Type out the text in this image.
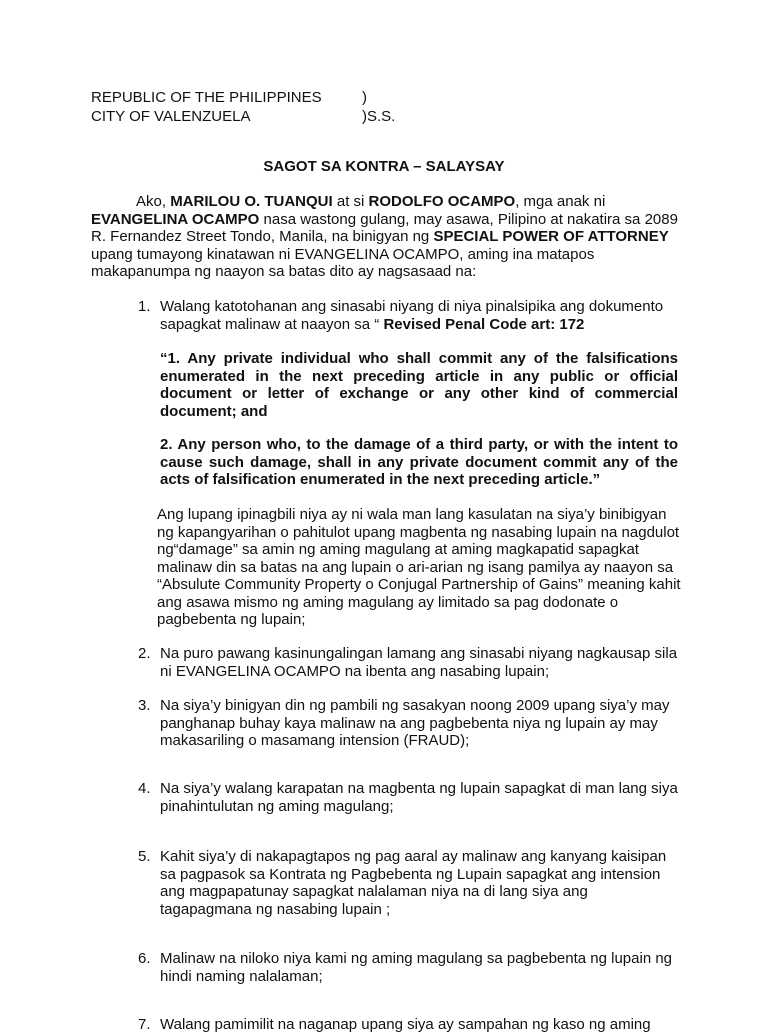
REPUBLIC OF THE PHILIPPINES	)
CITY OF VALENZUELA	)S.S.
SAGOT SA KONTRA – SALAYSAY

Ako, MARILOU O. TUANQUI at si RODOLFO OCAMPO, mga anak ni EVANGELINA OCAMPO nasa wastong gulang, may asawa, Pilipino at nakatira sa 2089 R. Fernandez Street Tondo, Manila, na binigyan ng SPECIAL POWER OF ATTORNEY upang tumayong kinatawan ni EVANGELINA OCAMPO, aming ina matapos makapanumpa ng naayon sa batas dito ay nagsasaad na:

1. Walang katotohanan ang sinasabi niyang di niya pinalsipika ang dokumento sapagkat malinaw at naayon sa “ Revised Penal Code art: 172
“1. Any private individual who shall commit any of the falsifications enumerated in the next preceding article in any public or official document or letter of exchange or any other kind of commercial document; and
2. Any person who, to the damage of a third party, or with the intent to cause such damage, shall in any private document commit any of the acts of falsification enumerated in the next preceding article.”
Ang lupang ipinagbili niya ay ni wala man lang kasulatan na siya’y binibigyan ng kapangyarihan o pahitulot upang magbenta ng nasabing lupain na nagdulot ng“damage” sa amin ng aming magulang at aming magkapatid sapagkat malinaw din sa batas na ang lupain o ari-arian ng isang pamilya ay naayon sa “Absulute Community Property o Conjugal Partnership of Gains” meaning kahit ang asawa mismo ng aming magulang ay limitado sa pag dodonate o pagbebenta ng lupain;
2. Na puro pawang kasinungalingan lamang ang sinasabi niyang nagkausap sila ni EVANGELINA OCAMPO na ibenta ang nasabing lupain;
3. Na siya’y binigyan din ng pambili ng sasakyan noong 2009 upang siya’y may panghanap buhay kaya malinaw na ang pagbebenta niya ng lupain ay may makasariling o masamang intension (FRAUD);
4. Na siya’y walang karapatan na magbenta ng lupain sapagkat di man lang siya pinahintulutan ng aming magulang;
5. Kahit siya’y di nakapagtapos ng pag aaral ay malinaw ang kanyang kaisipan sa pagpasok sa Kontrata ng Pagbebenta ng Lupain sapagkat ang intension ang magpapatunay sapagkat nalalaman niya na di lang siya ang tagapagmana ng nasabing lupain ;
6. Malinaw na niloko niya kami ng aming magulang sa pagbebenta ng lupain ng hindi naming nalalaman;
7. Walang pamimilit na naganap upang siya ay sampahan ng kaso ng aming
